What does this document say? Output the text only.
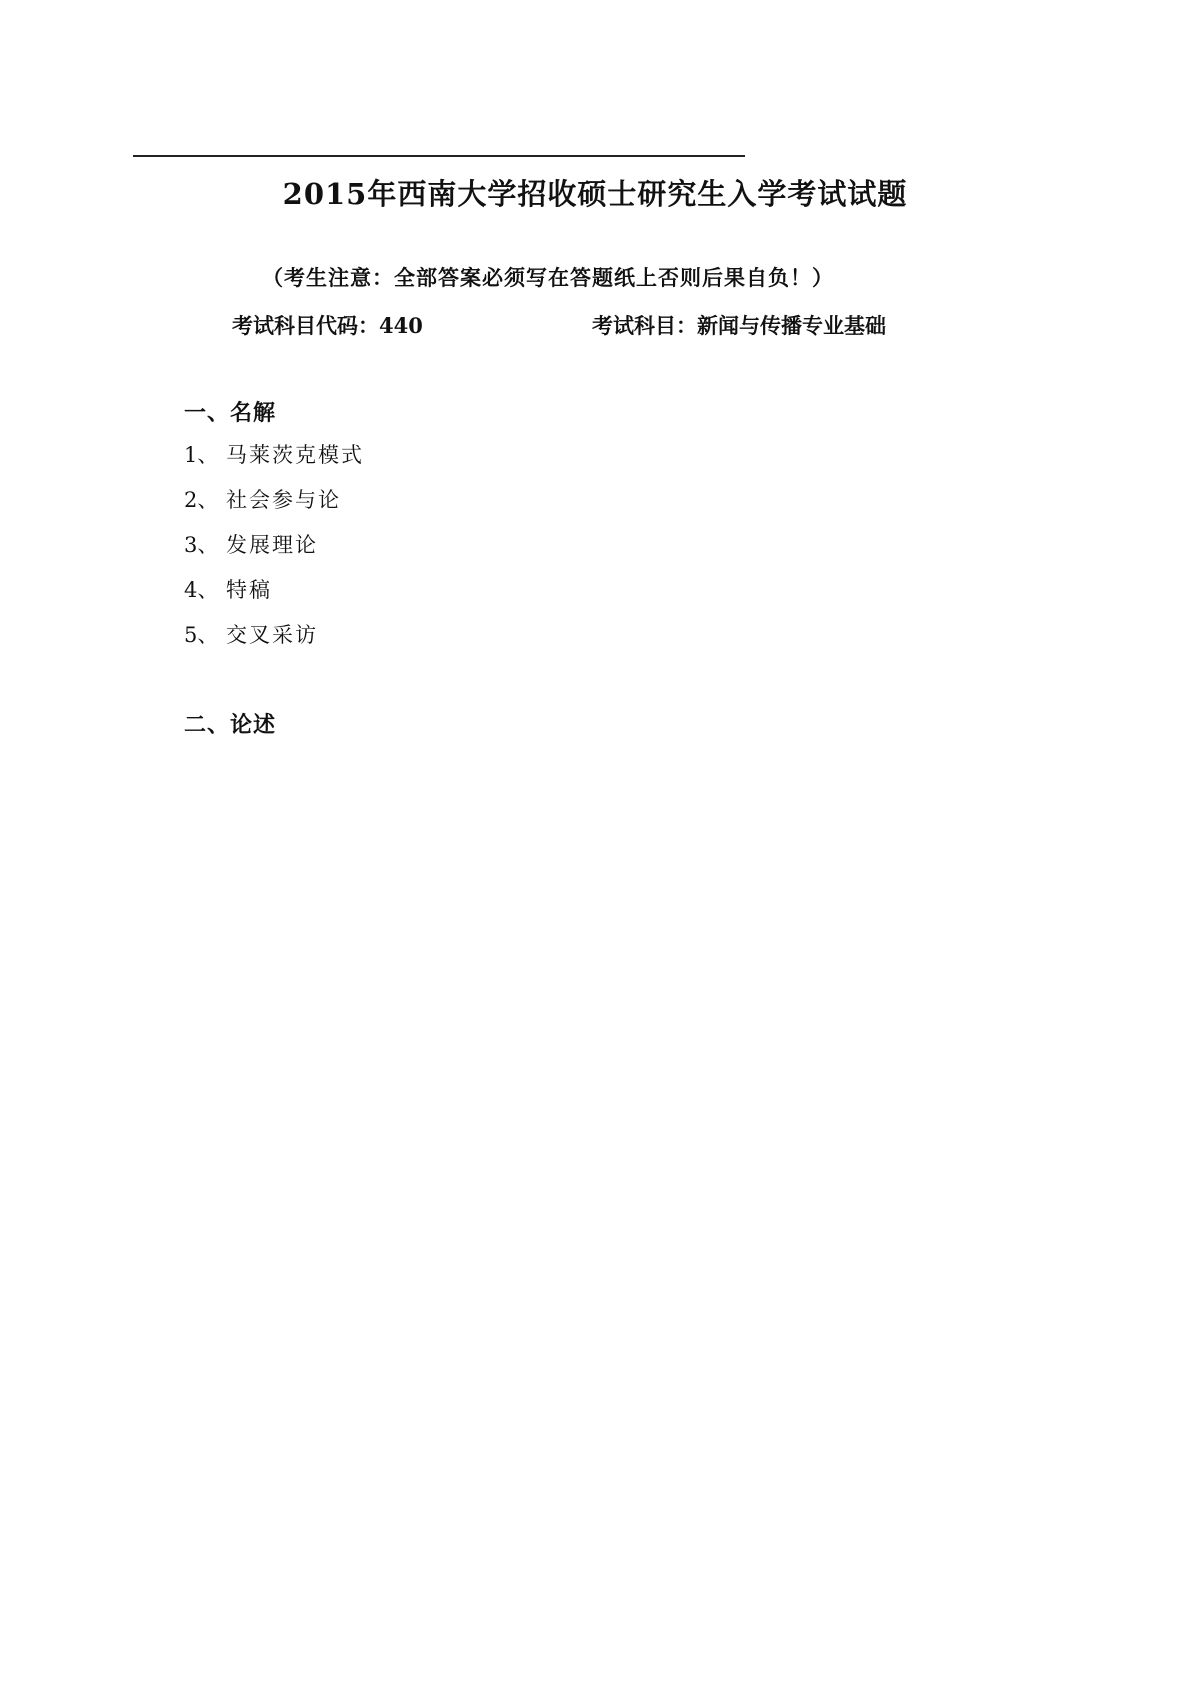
2015年西南大学招收硕士研究生入学考试试题
（考生注意：全部答案必须写在答题纸上否则后果自负！）
考试科目代码：440	考试科目：新闻与传播专业基础
一、名解
1、 马莱茨克模式
2、 社会参与论
3、 发展理论
4、 特稿
5、 交叉采访
二、论述
